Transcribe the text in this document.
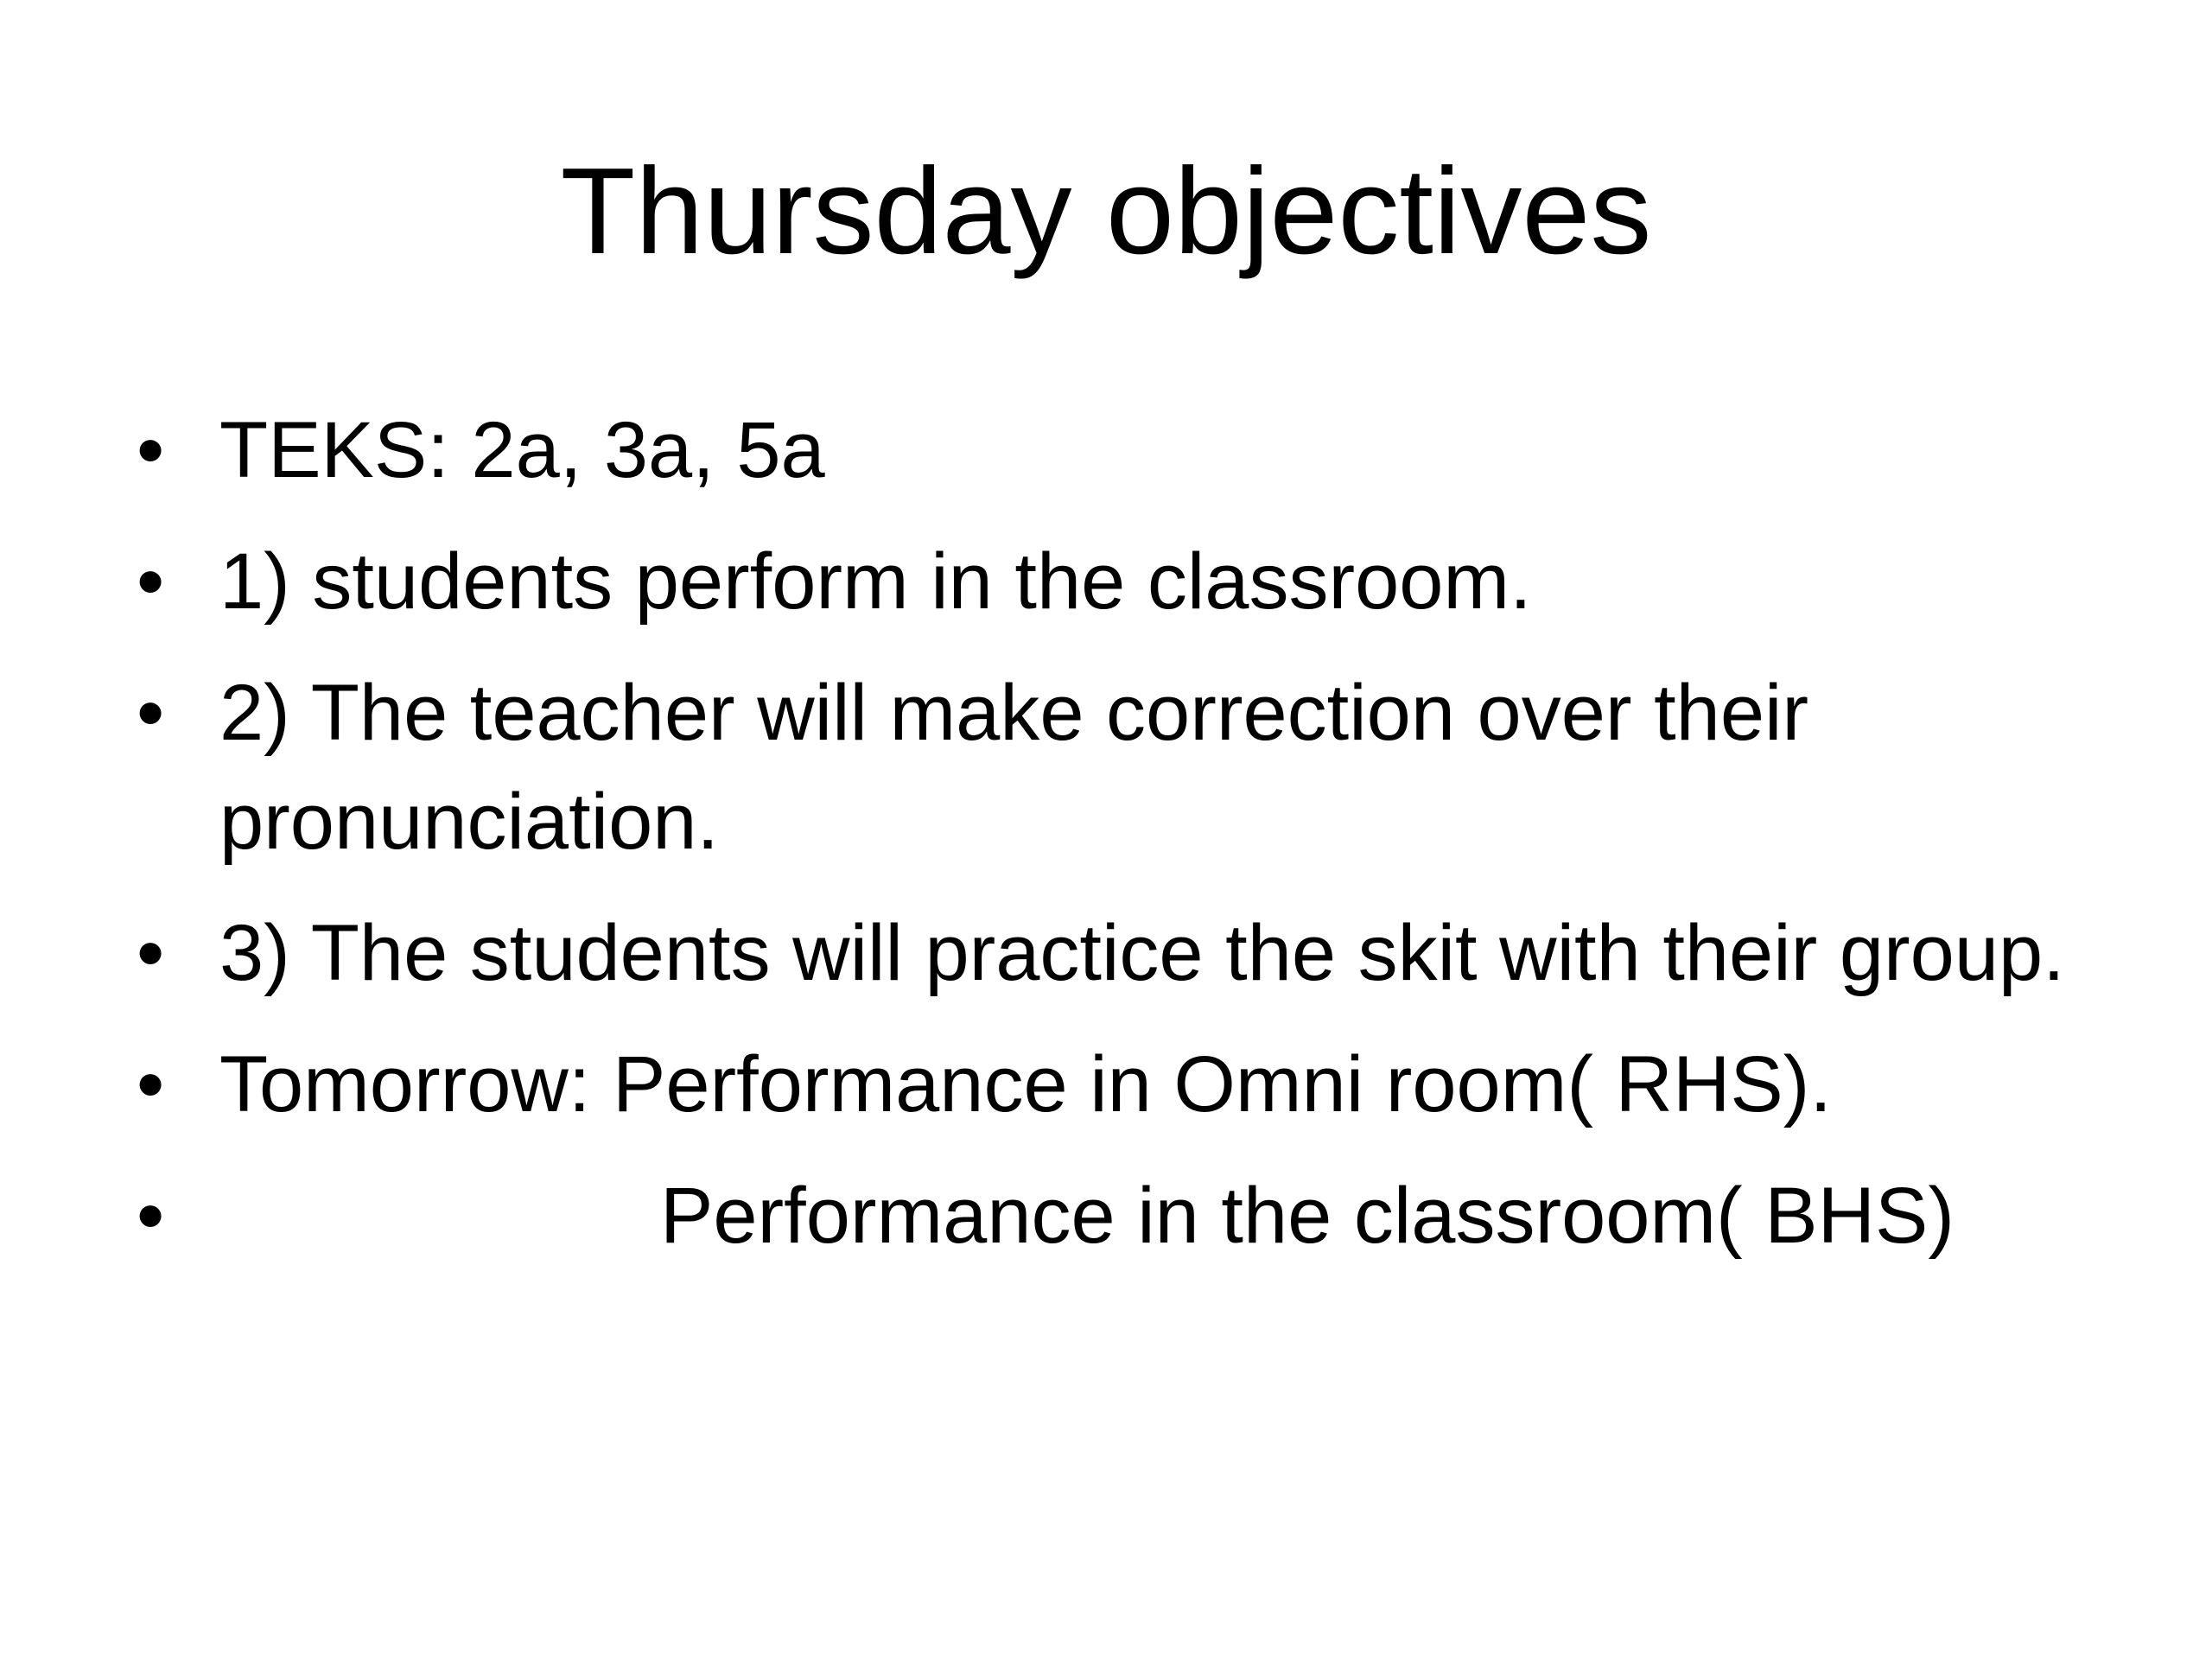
Thursday objectives
• TEKS: 2a, 3a, 5a
• 1) students perform in the classroom.
• 2) The teacher will make correction over their pronunciation.
• 3) The students will practice the skit with their group.
• Tomorrow: Performance in Omni room( RHS).
•	Performance in the classroom( BHS)
